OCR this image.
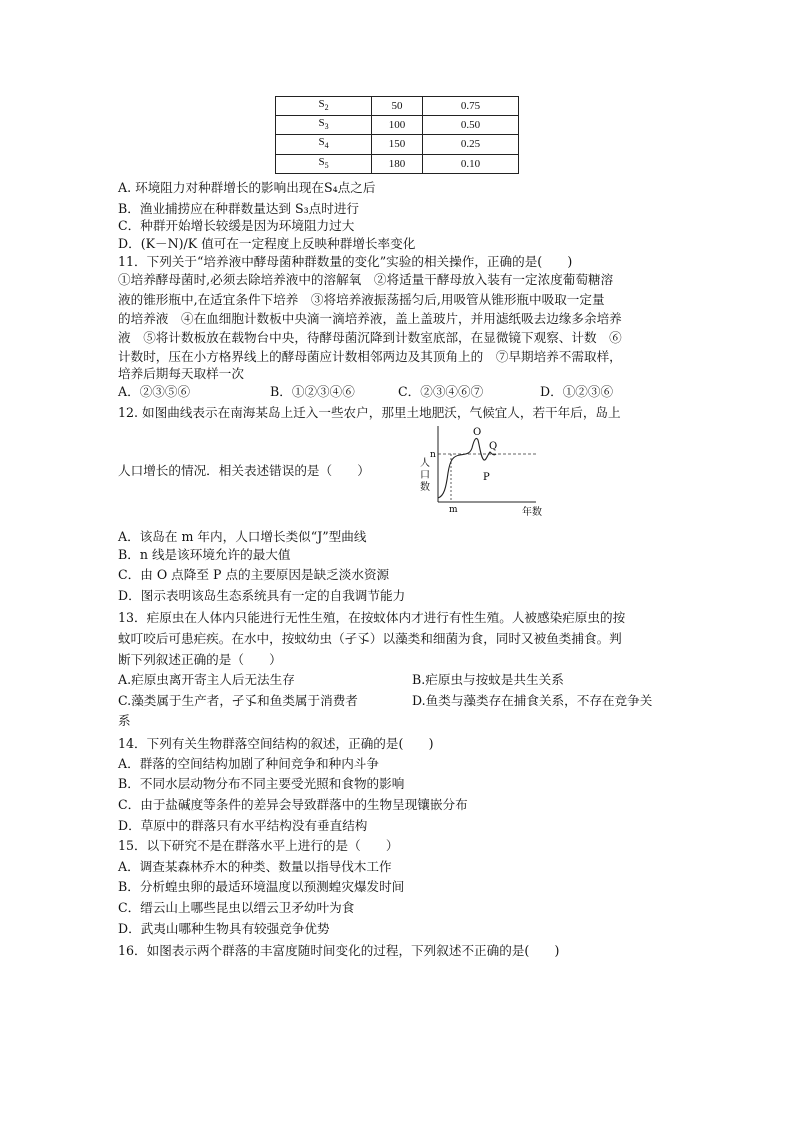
$S_2$	50	0.75
$S_3$	100	0.50
$S_4$	150	0.25
$S_5$	180	0.10
A. 环境阻力对种群增长的影响出现在S₄点之后
B．渔业捕捞应在种群数量达到 S₃点时进行
C．种群开始增长较缓是因为环境阻力过大
D．(K－N)/K 值可在一定程度上反映种群增长率变化
11．下列关于“培养液中酵母菌种群数量的变化”实验的相关操作，正确的是(　　)
①培养酵母菌时,必须去除培养液中的溶解氧　②将适量干酵母放入装有一定浓度葡萄糖溶
液的锥形瓶中,在适宜条件下培养　③将培养液振荡摇匀后,用吸管从锥形瓶中吸取一定量
的培养液　④在血细胞计数板中央滴一滴培养液，盖上盖玻片，并用滤纸吸去边缘多余培养
液　⑤将计数板放在载物台中央，待酵母菌沉降到计数室底部，在显微镜下观察、计数　⑥
计数时，压在小方格界线上的酵母菌应计数相邻两边及其顶角上的　⑦早期培养不需取样，
培养后期每天取样一次
A．②③⑤⑥	B．①②③④⑥	C．②③④⑥⑦	D．①②③⑥
12. 如图曲线表示在南海某岛上迁入一些农户，那里土地肥沃，气候宜人，若干年后，岛上
人口增长的情况．相关表述错误的是（　　）
n
O
Q
P
m
人
口
数
年数
A．该岛在 m 年内，人口增长类似“J”型曲线
B．n 线是该环境允许的最大值
C．由 O 点降至 P 点的主要原因是缺乏淡水资源
D．图示表明该岛生态系统具有一定的自我调节能力
13．疟原虫在人体内只能进行无性生殖，在按蚊体内才进行有性生殖。人被感染疟原虫的按
蚊叮咬后可患疟疾。在水中，按蚊幼虫（孑孓）以藻类和细菌为食，同时又被鱼类捕食。判
断下列叙述正确的是（　　）
A.疟原虫离开寄主人后无法生存	B.疟原虫与按蚊是共生关系
C.藻类属于生产者，孑孓和鱼类属于消费者	D.鱼类与藻类存在捕食关系，不存在竞争关
系
14．下列有关生物群落空间结构的叙述，正确的是(　　)
A．群落的空间结构加剧了种间竞争和种内斗争
B．不同水层动物分布不同主要受光照和食物的影响
C．由于盐碱度等条件的差异会导致群落中的生物呈现镶嵌分布
D．草原中的群落只有水平结构没有垂直结构
15．以下研究不是在群落水平上进行的是（　　）
A．调查某森林乔木的种类、数量以指导伐木工作
B．分析蝗虫卵的最适环境温度以预测蝗灾爆发时间
C．缙云山上哪些昆虫以缙云卫矛幼叶为食
D．武夷山哪种生物具有较强竞争优势
16．如图表示两个群落的丰富度随时间变化的过程，下列叙述不正确的是(　　)
